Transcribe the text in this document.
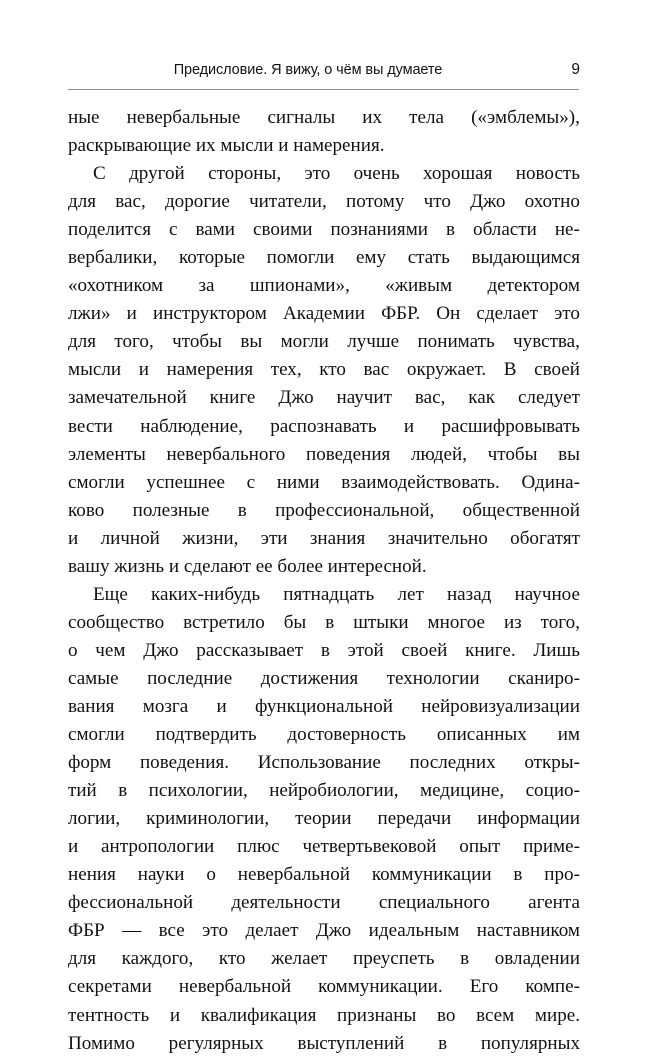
Предисловие. Я вижу, о чём вы думаете	9

ные невербальные сигналы их тела («эмблемы»),
раскрывающие их мысли и намерения.

С другой стороны, это очень хорошая новость
для вас, дорогие читатели, потому что Джо охотно
поделится с вами своими познаниями в области не-
вербалики, которые помогли ему стать выдающимся
«охотником за шпионами», «живым детектором
лжи» и инструктором Академии ФБР. Он сделает это
для того, чтобы вы могли лучше понимать чувства,
мысли и намерения тех, кто вас окружает. В своей
замечательной книге Джо научит вас, как следует
вести наблюдение, распознавать и расшифровывать
элементы невербального поведения людей, чтобы вы
смогли успешнее с ними взаимодействовать. Одина-
ково полезные в профессиональной, общественной
и личной жизни, эти знания значительно обогатят
вашу жизнь и сделают ее более интересной.

Еще каких-нибудь пятнадцать лет назад научное
сообщество встретило бы в штыки многое из того,
о чем Джо рассказывает в этой своей книге. Лишь
самые последние достижения технологии сканиро-
вания мозга и функциональной нейровизуализации
смогли подтвердить достоверность описанных им
форм поведения. Использование последних откры-
тий в психологии, нейробиологии, медицине, социо-
логии, криминологии, теории передачи информации
и антропологии плюс четвертьвековой опыт приме-
нения науки о невербальной коммуникации в про-
фессиональной деятельности специального агента
ФБР — все это делает Джо идеальным наставником
для каждого, кто желает преуспеть в овладении
секретами невербальной коммуникации. Его компе-
тентность и квалификация признаны во всем мире.
Помимо регулярных выступлений в популярных
